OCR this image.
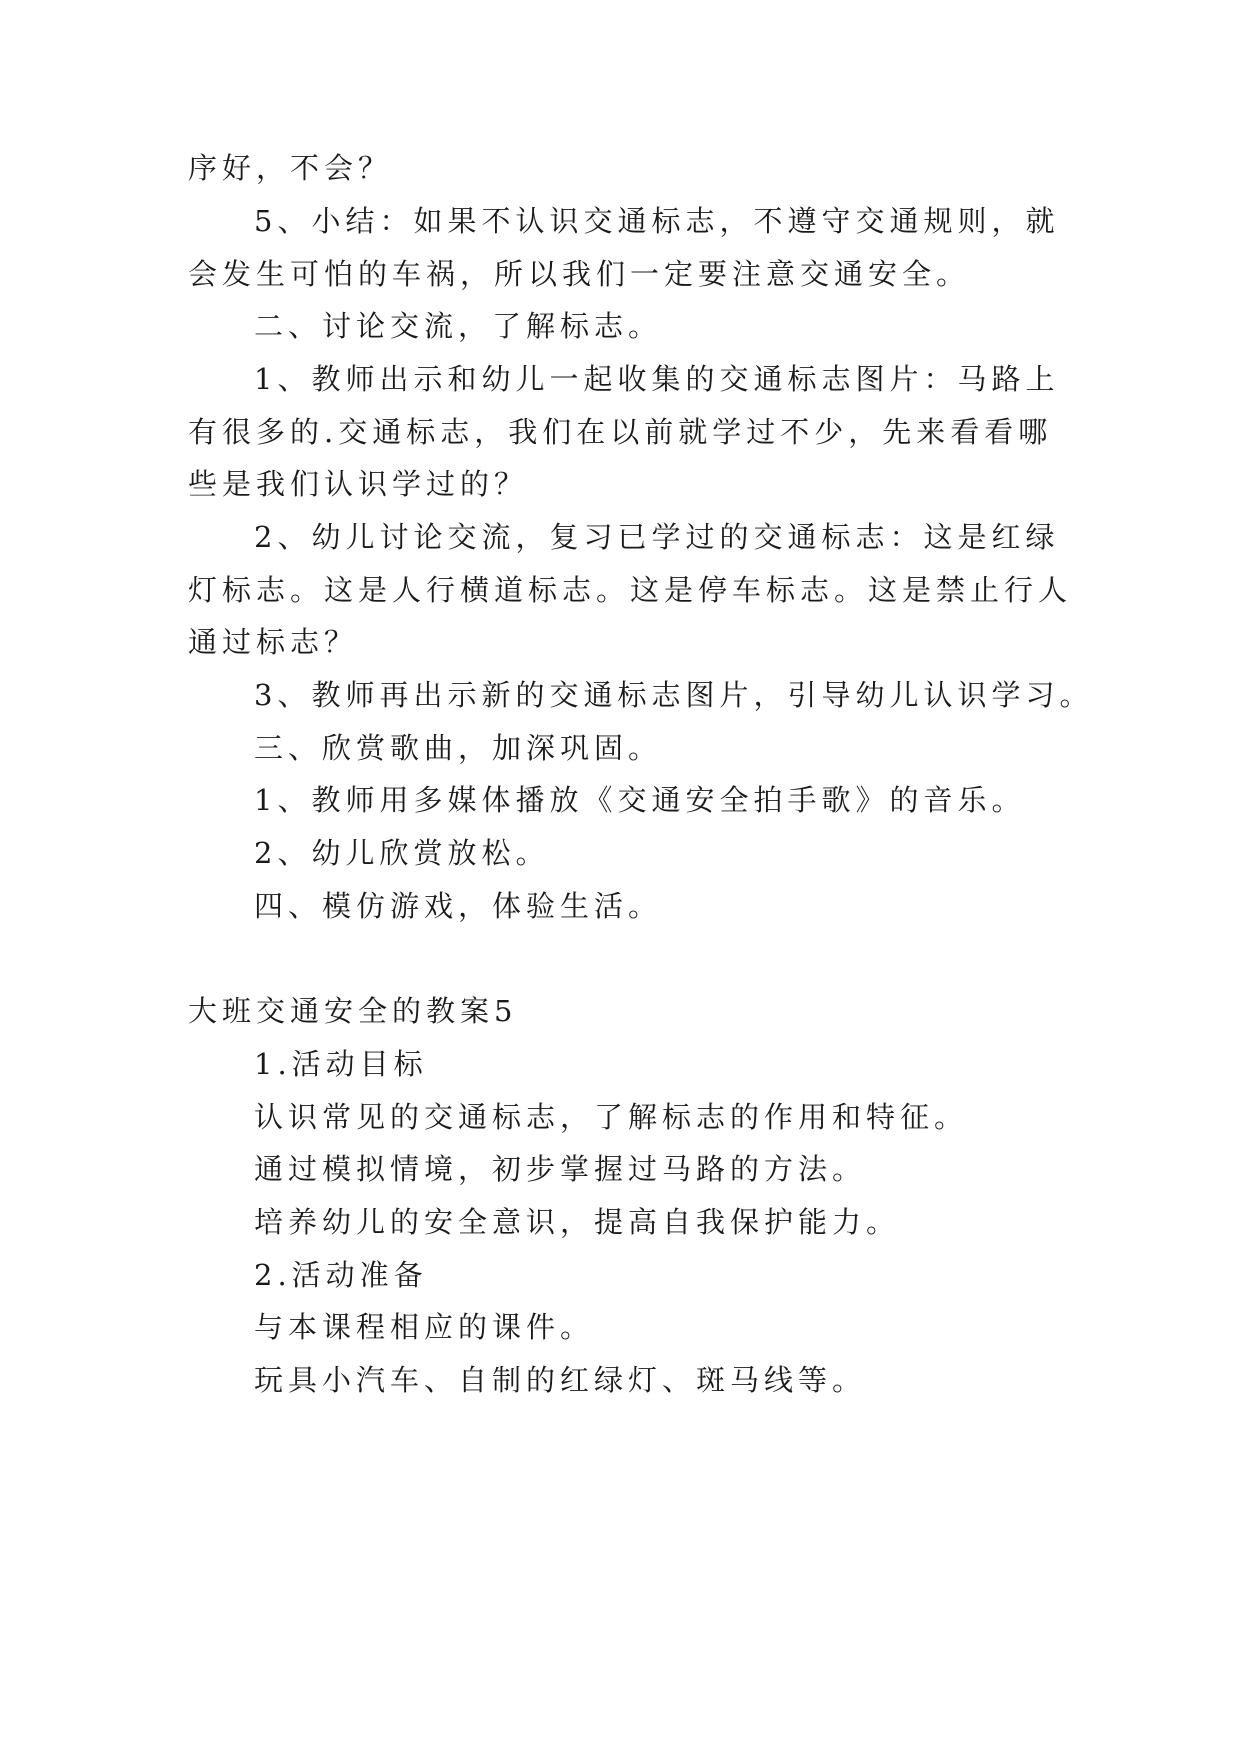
序好，不会？

5、小结：如果不认识交通标志，不遵守交通规则，就

会发生可怕的车祸，所以我们一定要注意交通安全。

二、讨论交流，了解标志。

1、教师出示和幼儿一起收集的交通标志图片：马路上

有很多的.交通标志，我们在以前就学过不少，先来看看哪

些是我们认识学过的？

2、幼儿讨论交流，复习已学过的交通标志：这是红绿

灯标志。这是人行横道标志。这是停车标志。这是禁止行人

通过标志？

3、教师再出示新的交通标志图片，引导幼儿认识学习。

三、欣赏歌曲，加深巩固。

1、教师用多媒体播放《交通安全拍手歌》的音乐。

2、幼儿欣赏放松。

四、模仿游戏，体验生活。

大班交通安全的教案5

1.活动目标

认识常见的交通标志，了解标志的作用和特征。

通过模拟情境，初步掌握过马路的方法。

培养幼儿的安全意识，提高自我保护能力。

2.活动准备

与本课程相应的课件。

玩具小汽车、自制的红绿灯、斑马线等。
